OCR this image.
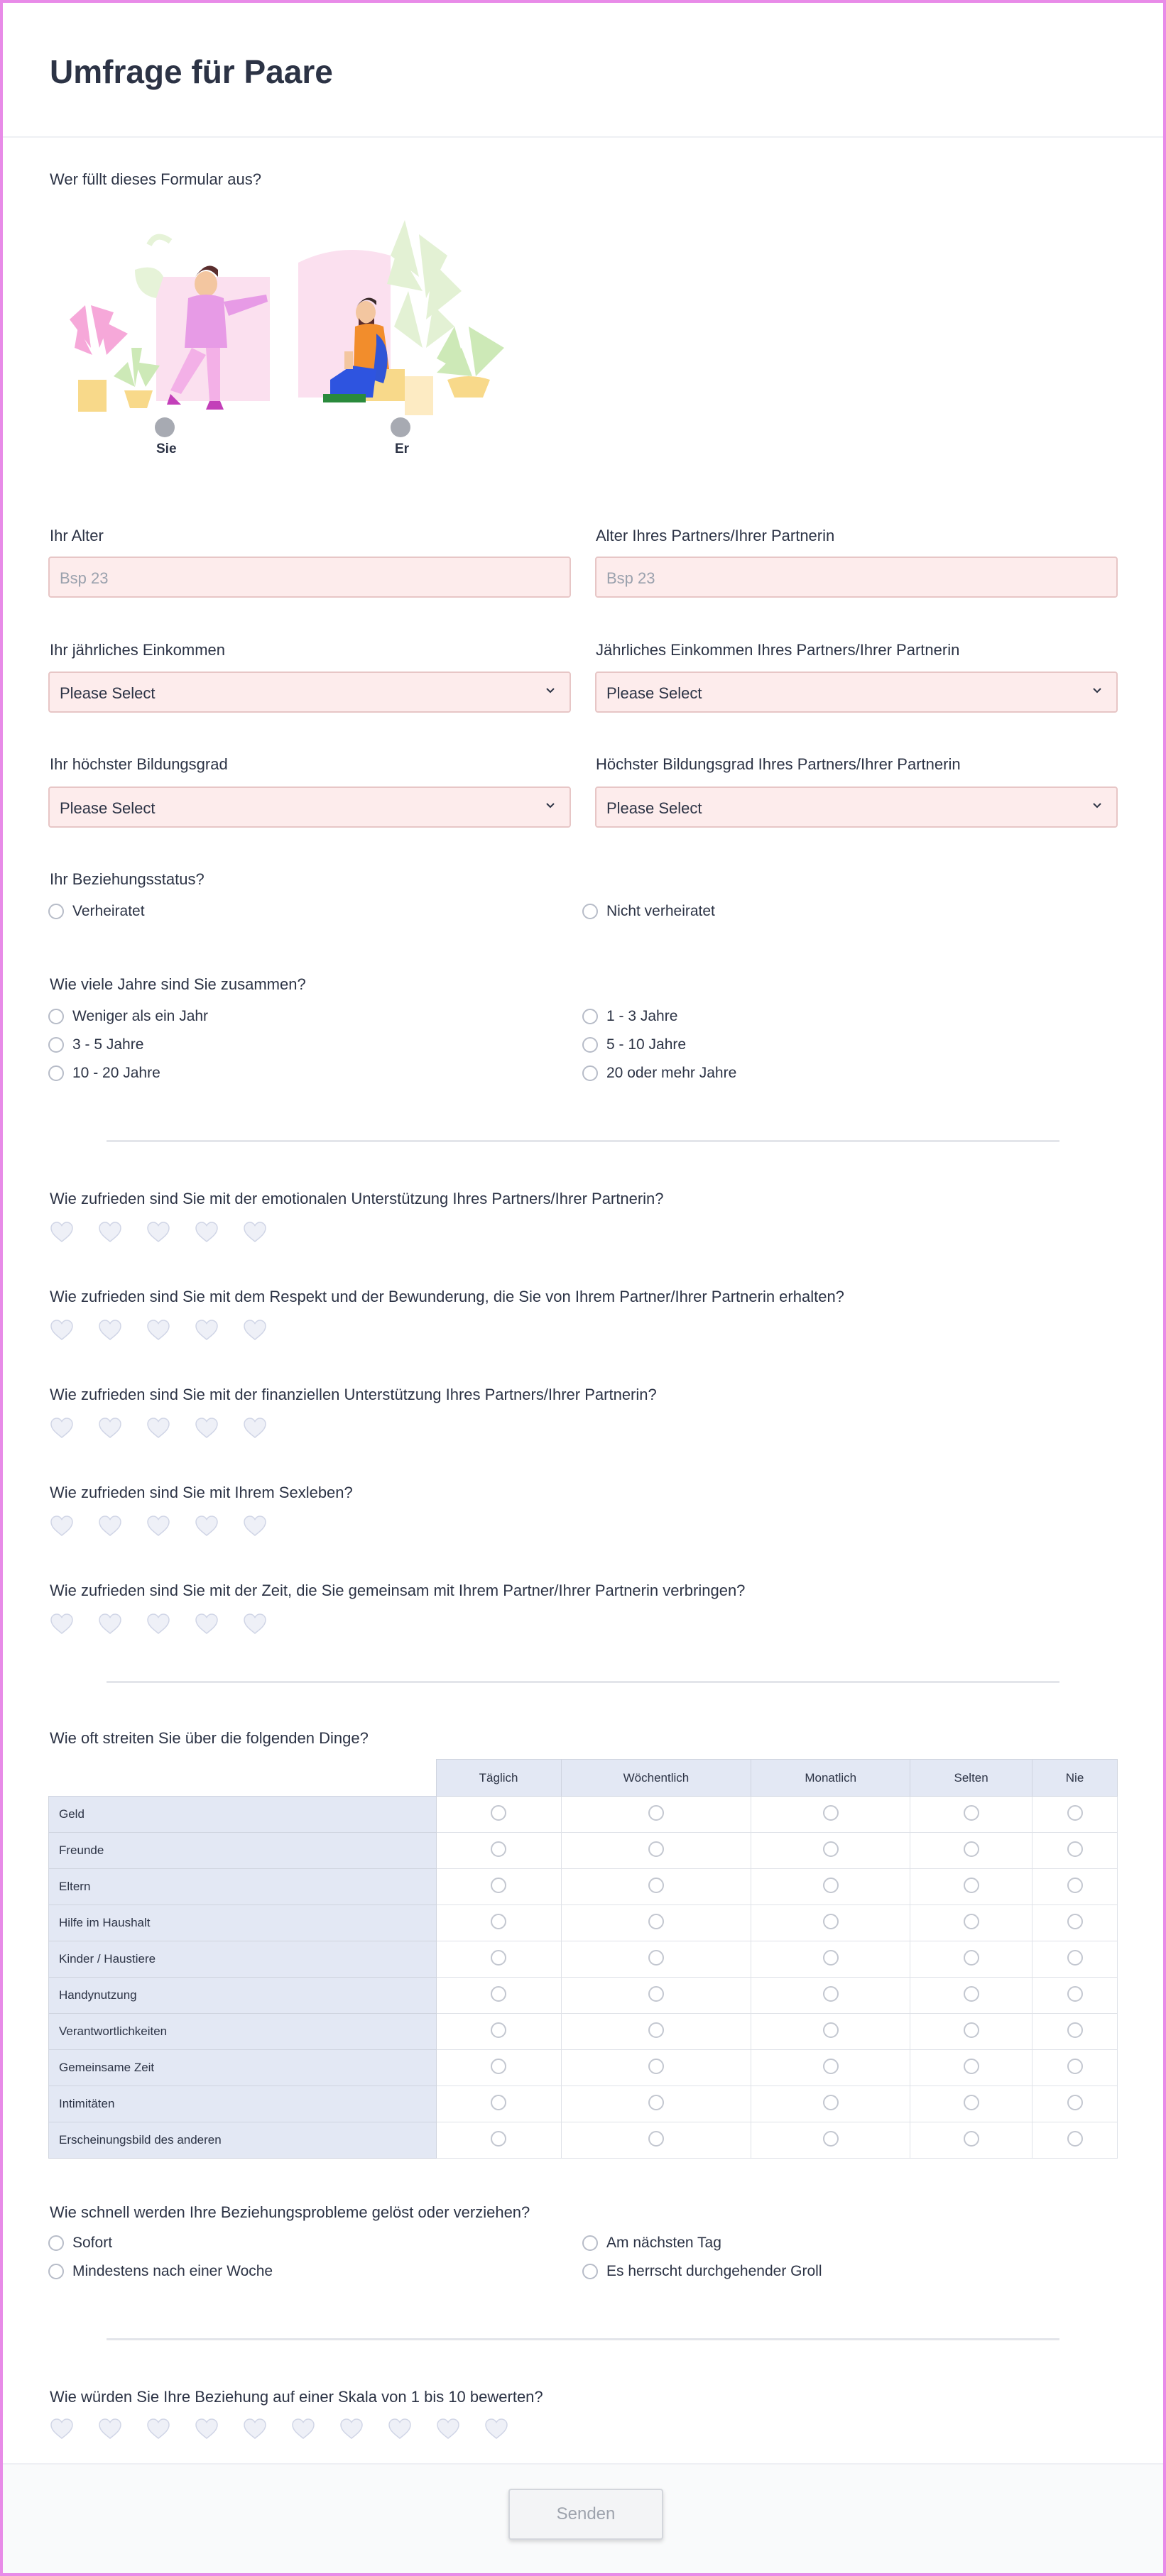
Umfrage für Paare
Wer füllt dieses Formular aus?
Sie	Er
Ihr Alter
Bsp 23
Alter Ihres Partners/Ihrer Partnerin
Bsp 23
Ihr jährliches Einkommen
Please Select
Jährliches Einkommen Ihres Partners/Ihrer Partnerin
Please Select
Ihr höchster Bildungsgrad
Please Select
Höchster Bildungsgrad Ihres Partners/Ihrer Partnerin
Please Select
Ihr Beziehungsstatus?
Verheiratet	Nicht verheiratet
Wie viele Jahre sind Sie zusammen?
Weniger als ein Jahr	1 - 3 Jahre
3 - 5 Jahre	5 - 10 Jahre
10 - 20 Jahre	20 oder mehr Jahre
Wie zufrieden sind Sie mit der emotionalen Unterstützung Ihres Partners/Ihrer Partnerin?
Wie zufrieden sind Sie mit dem Respekt und der Bewunderung, die Sie von Ihrem Partner/Ihrer Partnerin erhalten?
Wie zufrieden sind Sie mit der finanziellen Unterstützung Ihres Partners/Ihrer Partnerin?
Wie zufrieden sind Sie mit Ihrem Sexleben?
Wie zufrieden sind Sie mit der Zeit, die Sie gemeinsam mit Ihrem Partner/Ihrer Partnerin verbringen?
Wie oft streiten Sie über die folgenden Dinge?
	Täglich	Wöchentlich	Monatlich	Selten	Nie
Geld					
Freunde					
Eltern					
Hilfe im Haushalt					
Kinder / Haustiere					
Handynutzung					
Verantwortlichkeiten					
Gemeinsame Zeit					
Intimitäten					
Erscheinungsbild des anderen					
Wie schnell werden Ihre Beziehungsprobleme gelöst oder verziehen?
Sofort	Am nächsten Tag
Mindestens nach einer Woche	Es herrscht durchgehender Groll
Wie würden Sie Ihre Beziehung auf einer Skala von 1 bis 10 bewerten?
Senden
